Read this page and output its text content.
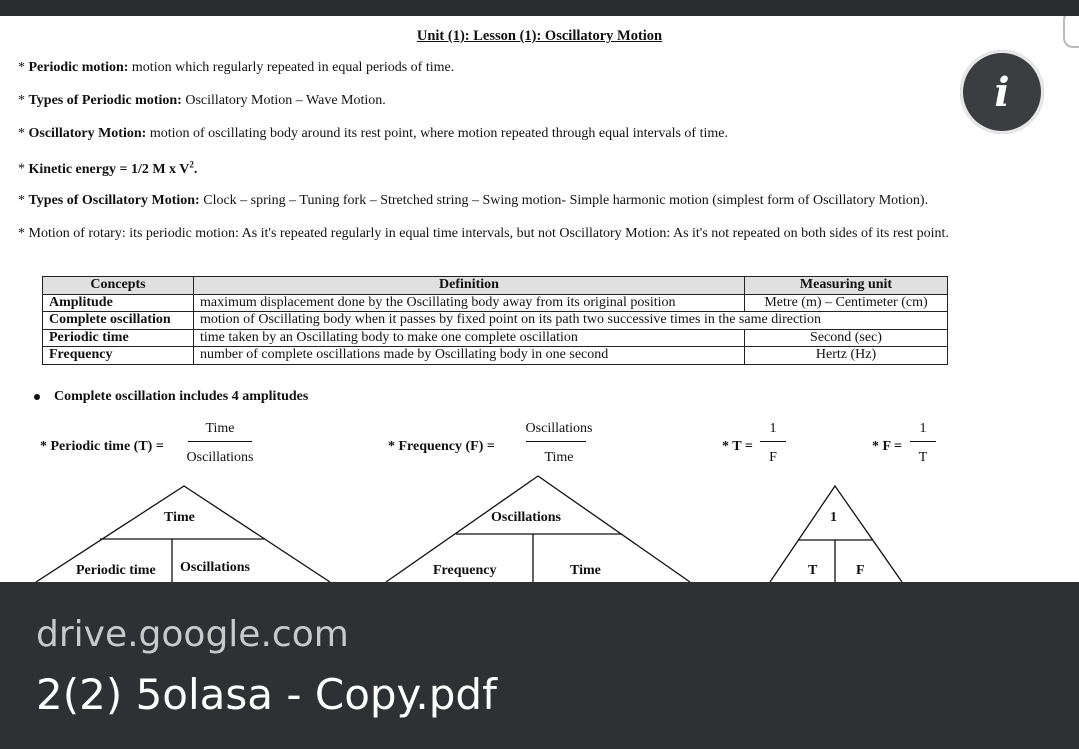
Unit (1): Lesson (1): Oscillatory Motion
* Periodic motion: motion which regularly repeated in equal periods of time.
* Types of Periodic motion: Oscillatory Motion – Wave Motion.
* Oscillatory Motion: motion of oscillating body around its rest point, where motion repeated through equal intervals of time.
* Kinetic energy = 1/2 M x $V^2$.
* Types of Oscillatory Motion: Clock – spring – Tuning fork – Stretched string – Swing motion- Simple harmonic motion (simplest form of Oscillatory Motion).
* Motion of rotary: its periodic motion: As it's repeated regularly in equal time intervals, but not Oscillatory Motion: As it's not repeated on both sides of its rest point.
i
Concepts	Definition	Measuring unit
Amplitude	maximum displacement done by the Oscillating body away from its original position	Metre (m) – Centimeter (cm)
Complete oscillation	motion of Oscillating body when it passes by fixed point on its path two successive times in the same direction	
Periodic time	time taken by an Oscillating body to make one complete oscillation	Second (sec)
Frequency	number of complete oscillations made by Oscillating body in one second	Hertz (Hz)
Complete oscillation includes 4 amplitudes
* Periodic time (T) =
Time
Oscillations
* Frequency (F) =
Oscillations
Time
* T =
1
F
* F =
1
T
Time
Periodic time Oscillations
Oscillations
Frequency	Time
1
T	F
drive.google.com
2(2) 5olasa - Copy.pdf
